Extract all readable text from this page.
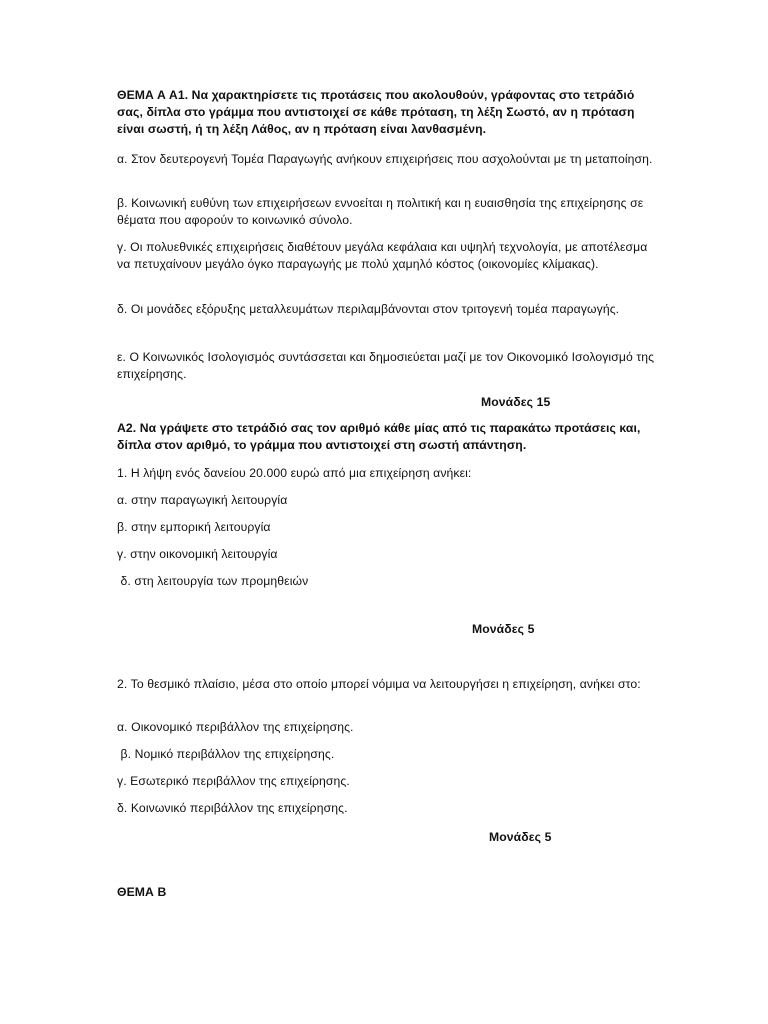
ΘΕΜΑ Α Α1. Να χαρακτηρίσετε τις προτάσεις που ακολουθούν, γράφοντας στο τετράδιό σας, δίπλα στο γράμμα που αντιστοιχεί σε κάθε πρόταση, τη λέξη Σωστό, αν η πρόταση είναι σωστή, ή τη λέξη Λάθος, αν η πρόταση είναι λανθασμένη.

α. Στον δευτερογενή Τομέα Παραγωγής ανήκουν επιχειρήσεις που ασχολούνται με τη μεταποίηση.

β. Κοινωνική ευθύνη των επιχειρήσεων εννοείται η πολιτική και η ευαισθησία της επιχείρησης σε θέματα που αφορούν το κοινωνικό σύνολο.

γ. Οι πολυεθνικές επιχειρήσεις διαθέτουν μεγάλα κεφάλαια και υψηλή τεχνολογία, με αποτέλεσμα να πετυχαίνουν μεγάλο όγκο παραγωγής με πολύ χαμηλό κόστος (οικονομίες κλίμακας).

δ. Οι μονάδες εξόρυξης μεταλλευμάτων περιλαμβάνονται στον τριτογενή τομέα παραγωγής.

ε. Ο Κοινωνικός Ισολογισμός συντάσσεται και δημοσιεύεται μαζί με τον Οικονομικό Ισολογισμό της επιχείρησης.

Μονάδες 15

Α2. Να γράψετε στο τετράδιό σας τον αριθμό κάθε μίας από τις παρακάτω προτάσεις και, δίπλα στον αριθμό, το γράμμα που αντιστοιχεί στη σωστή απάντηση.

1. Η λήψη ενός δανείου 20.000 ευρώ από μια επιχείρηση ανήκει:

α. στην παραγωγική λειτουργία

β. στην εμπορική λειτουργία

γ. στην οικονομική λειτουργία

δ. στη λειτουργία των προμηθειών

Μονάδες 5

2. Το θεσμικό πλαίσιο, μέσα στο οποίο μπορεί νόμιμα να λειτουργήσει η επιχείρηση, ανήκει στο:

α. Οικονομικό περιβάλλον της επιχείρησης.

β. Νομικό περιβάλλον της επιχείρησης.

γ. Εσωτερικό περιβάλλον της επιχείρησης.

δ. Κοινωνικό περιβάλλον της επιχείρησης.

Μονάδες 5

ΘΕΜΑ Β
